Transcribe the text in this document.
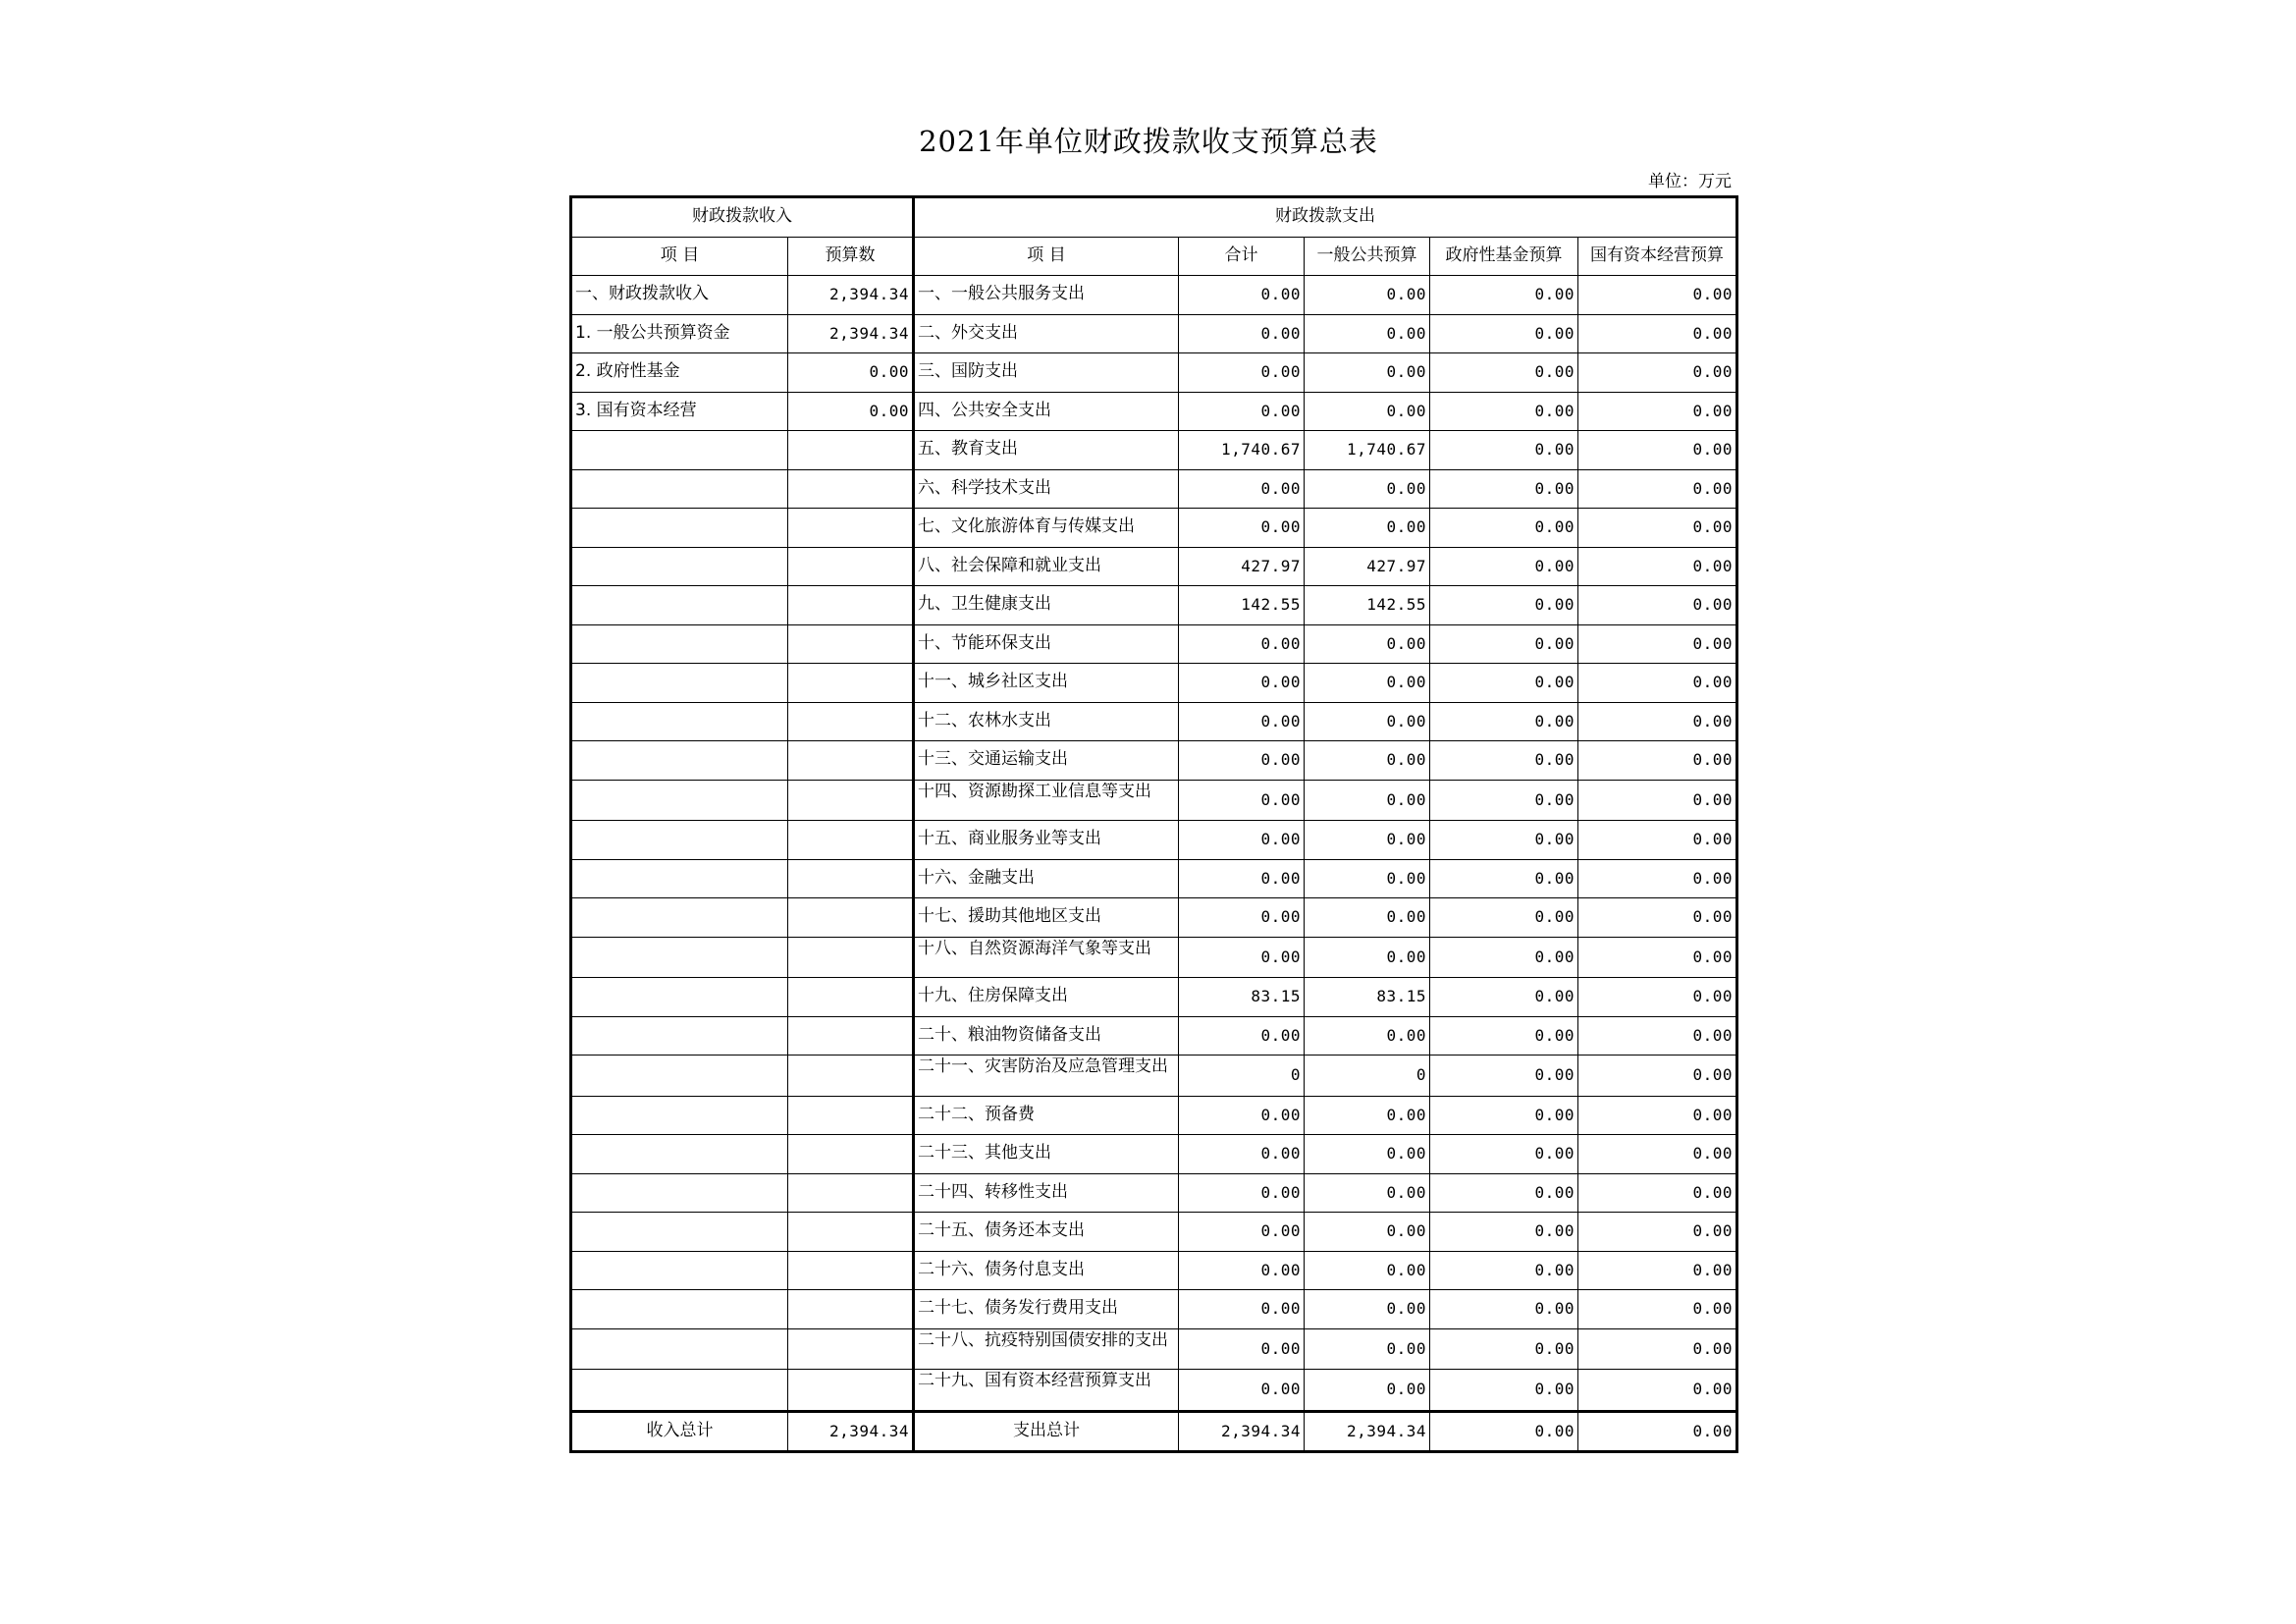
2021年单位财政拨款收支预算总表
单位：万元
财政拨款收入		财政拨款支出				
项 目	预算数	项 目	合计	一般公共预算	政府性基金预算	国有资本经营预算
一、财政拨款收入	2,394.34	一、一般公共服务支出	0.00	0.00	0.00	0.00
1. 一般公共预算资金	2,394.34	二、外交支出	0.00	0.00	0.00	0.00
2. 政府性基金	0.00	三、国防支出	0.00	0.00	0.00	0.00
3. 国有资本经营	0.00	四、公共安全支出	0.00	0.00	0.00	0.00
		五、教育支出	1,740.67	1,740.67	0.00	0.00
		六、科学技术支出	0.00	0.00	0.00	0.00
		七、文化旅游体育与传媒支出	0.00	0.00	0.00	0.00
		八、社会保障和就业支出	427.97	427.97	0.00	0.00
		九、卫生健康支出	142.55	142.55	0.00	0.00
		十、节能环保支出	0.00	0.00	0.00	0.00
		十一、城乡社区支出	0.00	0.00	0.00	0.00
		十二、农林水支出	0.00	0.00	0.00	0.00
		十三、交通运输支出	0.00	0.00	0.00	0.00

		十四、资源勘探工业信息等支出	0.00	0.00	0.00	0.00
		十五、商业服务业等支出	0.00	0.00	0.00	0.00
		十六、金融支出	0.00	0.00	0.00	0.00
		十七、援助其他地区支出	0.00	0.00	0.00	0.00

		十八、自然资源海洋气象等支出	0.00	0.00	0.00	0.00
		十九、住房保障支出	83.15	83.15	0.00	0.00
		二十、粮油物资储备支出	0.00	0.00	0.00	0.00

		二十一、灾害防治及应急管理支出	0	0	0.00	0.00
		二十二、预备费	0.00	0.00	0.00	0.00
		二十三、其他支出	0.00	0.00	0.00	0.00
		二十四、转移性支出	0.00	0.00	0.00	0.00
		二十五、债务还本支出	0.00	0.00	0.00	0.00
		二十六、债务付息支出	0.00	0.00	0.00	0.00
		二十七、债务发行费用支出	0.00	0.00	0.00	0.00

		二十八、抗疫特别国债安排的支出	0.00	0.00	0.00	0.00

		二十九、国有资本经营预算支出	0.00	0.00	0.00	0.00
收入总计	2,394.34	支出总计	2,394.34	2,394.34	0.00	0.00
